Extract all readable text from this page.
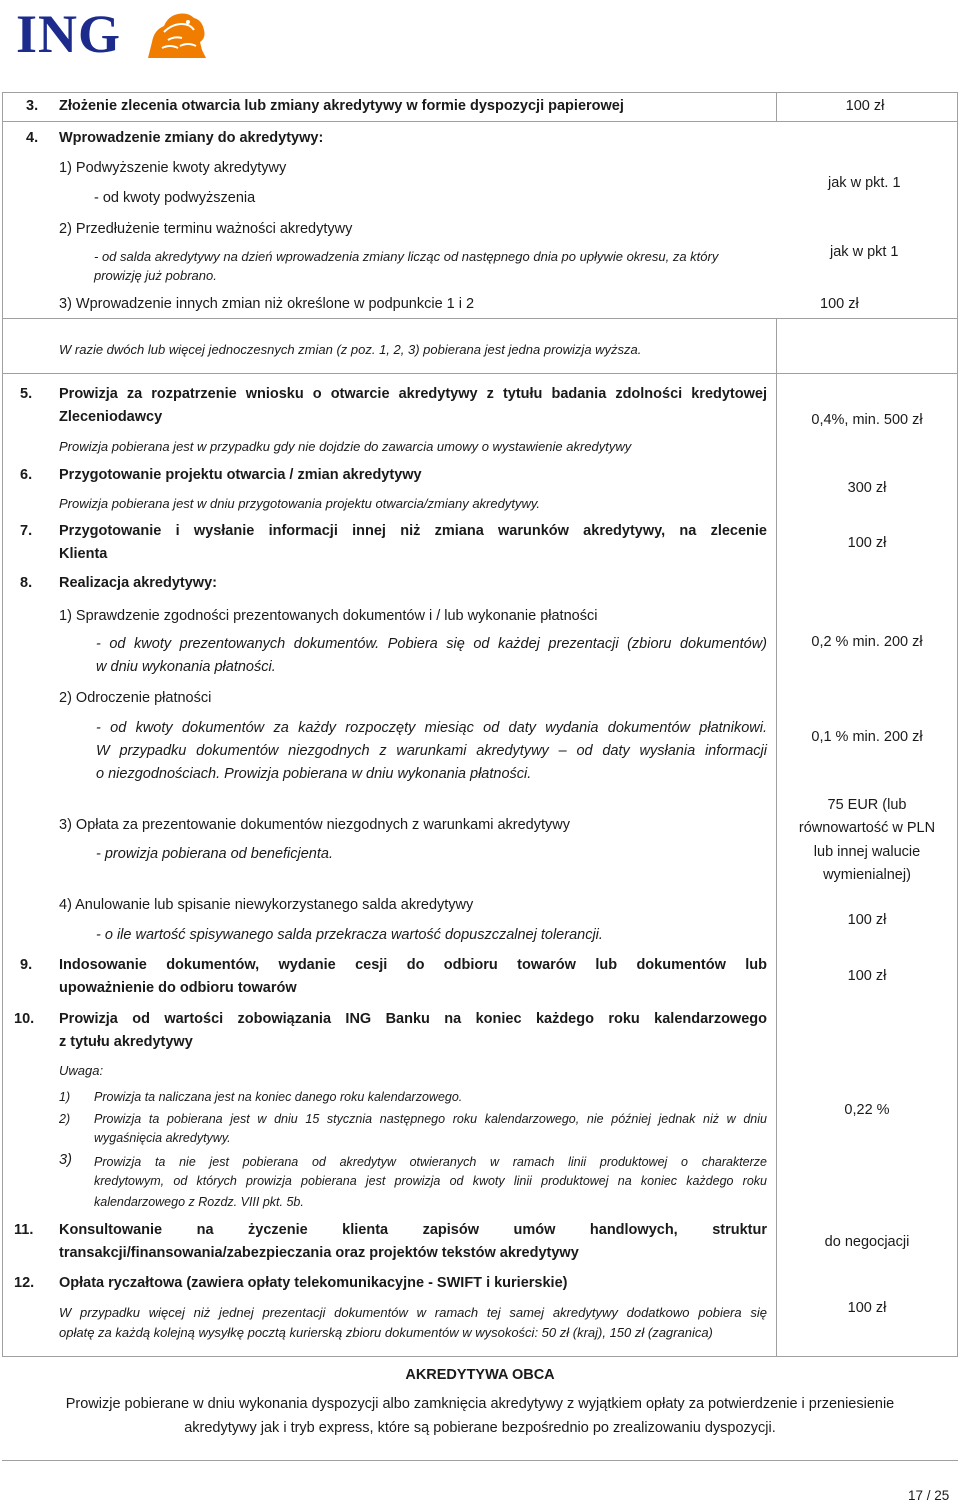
ING
3. Złożenie zlecenia otwarcia lub zmiany akredytywy w formie dyspozycji papierowej	100 zł
4. Wprowadzenie zmiany do akredytywy:
1) Podwyższenie kwoty akredytywy
- od kwoty podwyższenia
jak w pkt. 1
2) Przedłużenie terminu ważności akredytywy
- od salda akredytywy na dzień wprowadzenia zmiany licząc od następnego dnia po upływie okresu, za który
prowizję już pobrano.
jak w pkt 1
3) Wprowadzenie innych zmian niż określone w podpunkcie 1 i 2	100 zł
W razie dwóch lub więcej jednoczesnych zmian (z poz. 1, 2, 3) pobierana jest jedna prowizja wyższa.
5. Prowizja za rozpatrzenie wniosku o otwarcie akredytywy z tytułu badania zdolności kredytowej
Zleceniodawcy
Prowizja pobierana jest w przypadku gdy nie dojdzie do zawarcia umowy o wystawienie akredytywy
0,4%, min. 500 zł
6. Przygotowanie projektu otwarcia / zmian akredytywy
Prowizja pobierana jest w dniu przygotowania projektu otwarcia/zmiany akredytywy.
300 zł
7. Przygotowanie i wysłanie informacji innej niż zmiana warunków akredytywy, na zlecenie
Klienta
100 zł
8. Realizacja akredytywy:
1) Sprawdzenie zgodności prezentowanych dokumentów i / lub wykonanie płatności
- od kwoty prezentowanych dokumentów. Pobiera się od każdej prezentacji (zbioru dokumentów)
w dniu wykonania płatności.
0,2 % min. 200 zł
2) Odroczenie płatności
- od kwoty dokumentów za każdy rozpoczęty miesiąc od daty wydania dokumentów płatnikowi.
W przypadku dokumentów niezgodnych z warunkami akredytywy – od daty wysłania informacji
o niezgodnościach. Prowizja pobierana w dniu wykonania płatności.
0,1 % min. 200 zł
3) Opłata za prezentowanie dokumentów niezgodnych z warunkami akredytywy
- prowizja pobierana od beneficjenta.
75 EUR (lub
równowartość w PLN
lub innej walucie
wymienialnej)
4) Anulowanie lub spisanie niewykorzystanego salda akredytywy
- o ile wartość spisywanego salda przekracza wartość dopuszczalnej tolerancji.
100 zł
9. Indosowanie dokumentów, wydanie cesji do odbioru towarów lub dokumentów lub
upoważnienie do odbioru towarów
100 zł
10. Prowizja od wartości zobowiązania ING Banku na koniec każdego roku kalendarzowego
z tytułu akredytywy
Uwaga:
1) Prowizja ta naliczana jest na koniec danego roku kalendarzowego.
2) Prowizja ta pobierana jest w dniu 15 stycznia następnego roku kalendarzowego, nie później jednak niż w dniu
wygaśnięcia akredytywy.
3) Prowizja ta nie jest pobierana od akredytyw otwieranych w ramach linii produktowej o charakterze
kredytowym, od których prowizja pobierana jest prowizja od kwoty linii produktowej na koniec każdego roku
kalendarzowego z Rozdz. VIII pkt. 5b.
0,22 %
11. Konsultowanie na życzenie klienta zapisów umów handlowych, struktur
transakcji/finansowania/zabezpieczania oraz projektów tekstów akredytywy
do negocjacji
12. Opłata ryczałtowa (zawiera opłaty telekomunikacyjne - SWIFT i kurierskie)
W przypadku więcej niż jednej prezentacji dokumentów w ramach tej samej akredytywy dodatkowo pobiera się
opłatę za każdą kolejną wysyłkę pocztą kurierską zbioru dokumentów w wysokości: 50 zł (kraj), 150 zł (zagranica)
100 zł
AKREDYTYWA OBCA
Prowizje pobierane w dniu wykonania dyspozycji albo zamknięcia akredytywy z wyjątkiem opłaty za potwierdzenie i przeniesienie
akredytywy jak i tryb express, które są pobierane bezpośrednio po zrealizowaniu dyspozycji.
17 / 25
